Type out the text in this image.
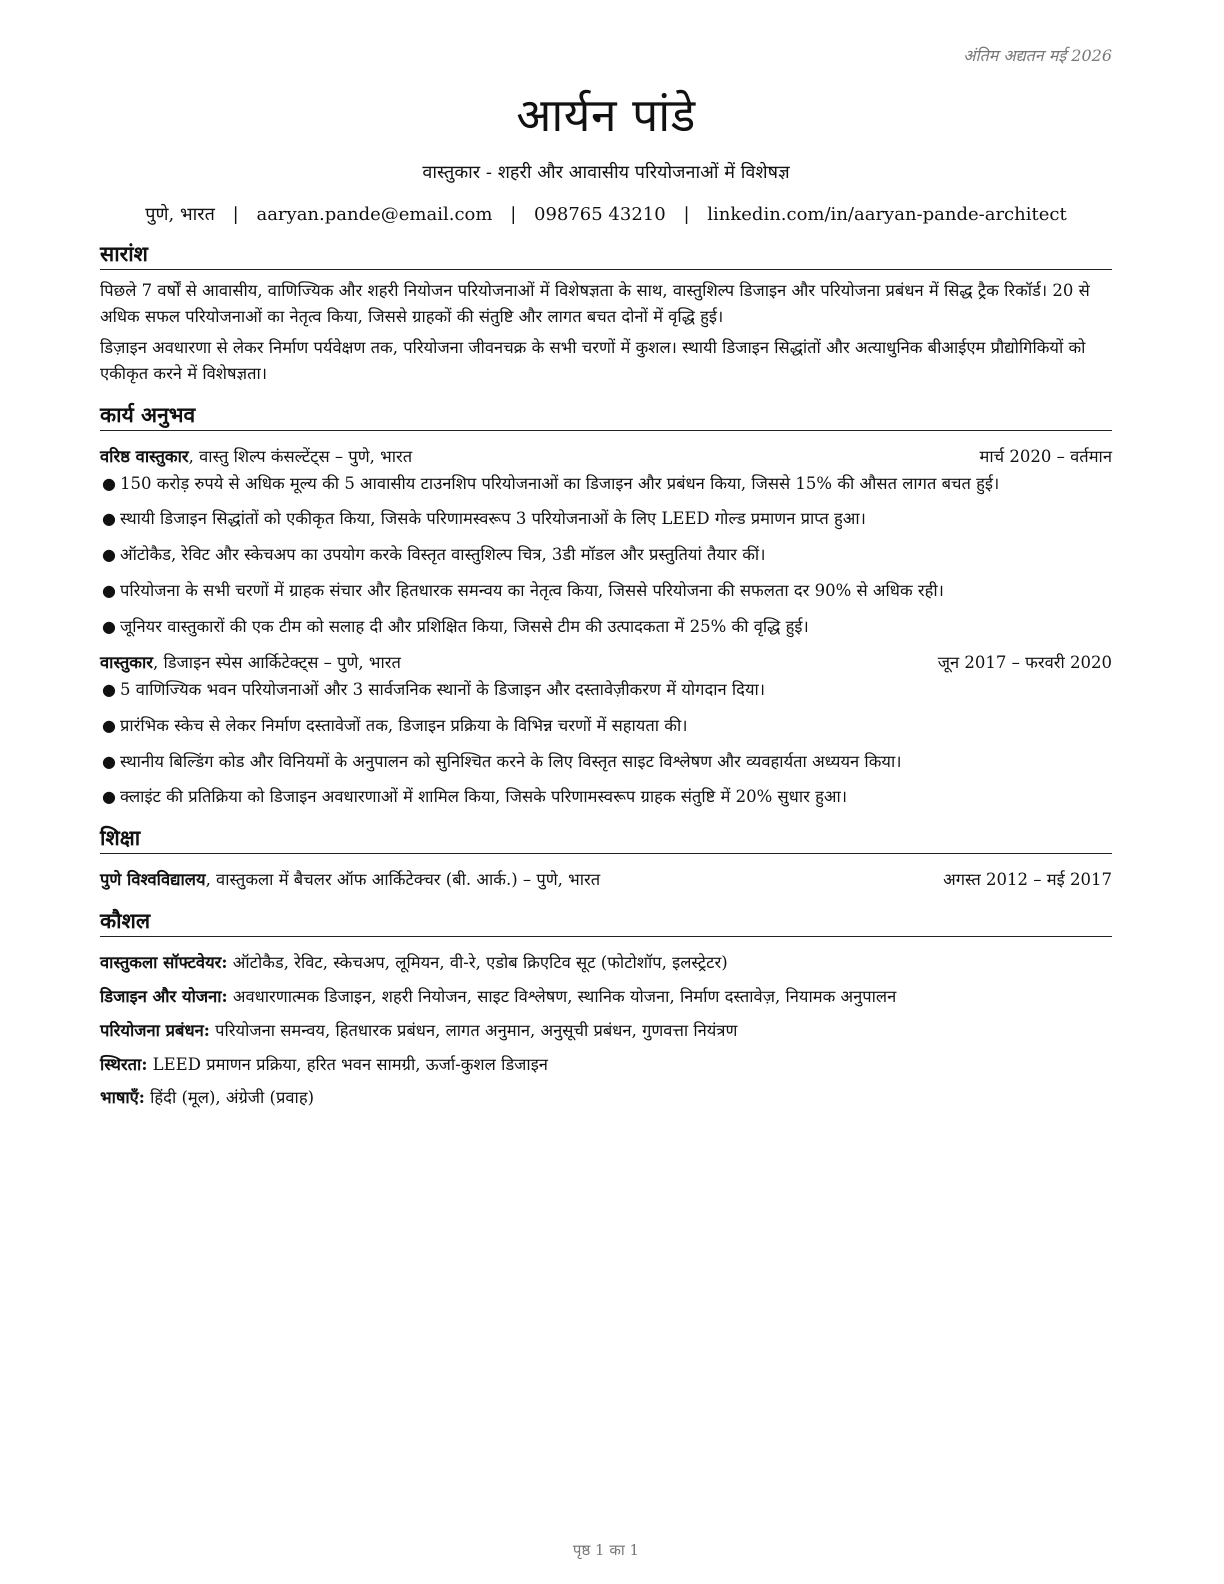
अंतिम अद्यतन मई 2026
आर्यन पांडे
वास्तुकार - शहरी और आवासीय परियोजनाओं में विशेषज्ञ
पुणे, भारत | aaryan.pande@email.com | 098765 43210 | linkedin.com/in/aaryan-pande-architect
सारांश
पिछले 7 वर्षों से आवासीय, वाणिज्यिक और शहरी नियोजन परियोजनाओं में विशेषज्ञता के साथ, वास्तुशिल्प डिजाइन और परियोजना प्रबंधन में सिद्ध ट्रैक रिकॉर्ड। 20 से अधिक सफल परियोजनाओं का नेतृत्व किया, जिससे ग्राहकों की संतुष्टि और लागत बचत दोनों में वृद्धि हुई।
डिज़ाइन अवधारणा से लेकर निर्माण पर्यवेक्षण तक, परियोजना जीवनचक्र के सभी चरणों में कुशल। स्थायी डिजाइन सिद्धांतों और अत्याधुनिक बीआईएम प्रौद्योगिकियों को एकीकृत करने में विशेषज्ञता।
कार्य अनुभव
वरिष्ठ वास्तुकार, वास्तु शिल्प कंसल्टेंट्स – पुणे, भारत	मार्च 2020 – वर्तमान
● 150 करोड़ रुपये से अधिक मूल्य की 5 आवासीय टाउनशिप परियोजनाओं का डिजाइन और प्रबंधन किया, जिससे 15% की औसत लागत बचत हुई।
● स्थायी डिजाइन सिद्धांतों को एकीकृत किया, जिसके परिणामस्वरूप 3 परियोजनाओं के लिए LEED गोल्ड प्रमाणन प्राप्त हुआ।
● ऑटोकैड, रेविट और स्केचअप का उपयोग करके विस्तृत वास्तुशिल्प चित्र, 3डी मॉडल और प्रस्तुतियां तैयार कीं।
● परियोजना के सभी चरणों में ग्राहक संचार और हितधारक समन्वय का नेतृत्व किया, जिससे परियोजना की सफलता दर 90% से अधिक रही।
● जूनियर वास्तुकारों की एक टीम को सलाह दी और प्रशिक्षित किया, जिससे टीम की उत्पादकता में 25% की वृद्धि हुई।
वास्तुकार, डिजाइन स्पेस आर्किटेक्ट्स – पुणे, भारत	जून 2017 – फरवरी 2020
● 5 वाणिज्यिक भवन परियोजनाओं और 3 सार्वजनिक स्थानों के डिजाइन और दस्तावेज़ीकरण में योगदान दिया।
● प्रारंभिक स्केच से लेकर निर्माण दस्तावेजों तक, डिजाइन प्रक्रिया के विभिन्न चरणों में सहायता की।
● स्थानीय बिल्डिंग कोड और विनियमों के अनुपालन को सुनिश्चित करने के लिए विस्तृत साइट विश्लेषण और व्यवहार्यता अध्ययन किया।
● क्लाइंट की प्रतिक्रिया को डिजाइन अवधारणाओं में शामिल किया, जिसके परिणामस्वरूप ग्राहक संतुष्टि में 20% सुधार हुआ।
शिक्षा
पुणे विश्वविद्यालय, वास्तुकला में बैचलर ऑफ आर्किटेक्चर (बी. आर्क.) – पुणे, भारत	अगस्त 2012 – मई 2017
कौशल
वास्तुकला सॉफ्टवेयर: ऑटोकैड, रेविट, स्केचअप, लूमियन, वी-रे, एडोब क्रिएटिव सूट (फोटोशॉप, इलस्ट्रेटर)
डिजाइन और योजना: अवधारणात्मक डिजाइन, शहरी नियोजन, साइट विश्लेषण, स्थानिक योजना, निर्माण दस्तावेज़, नियामक अनुपालन
परियोजना प्रबंधन: परियोजना समन्वय, हितधारक प्रबंधन, लागत अनुमान, अनुसूची प्रबंधन, गुणवत्ता नियंत्रण
स्थिरता: LEED प्रमाणन प्रक्रिया, हरित भवन सामग्री, ऊर्जा-कुशल डिजाइन
भाषाएँ: हिंदी (मूल), अंग्रेजी (प्रवाह)
पृष्ठ 1 का 1
